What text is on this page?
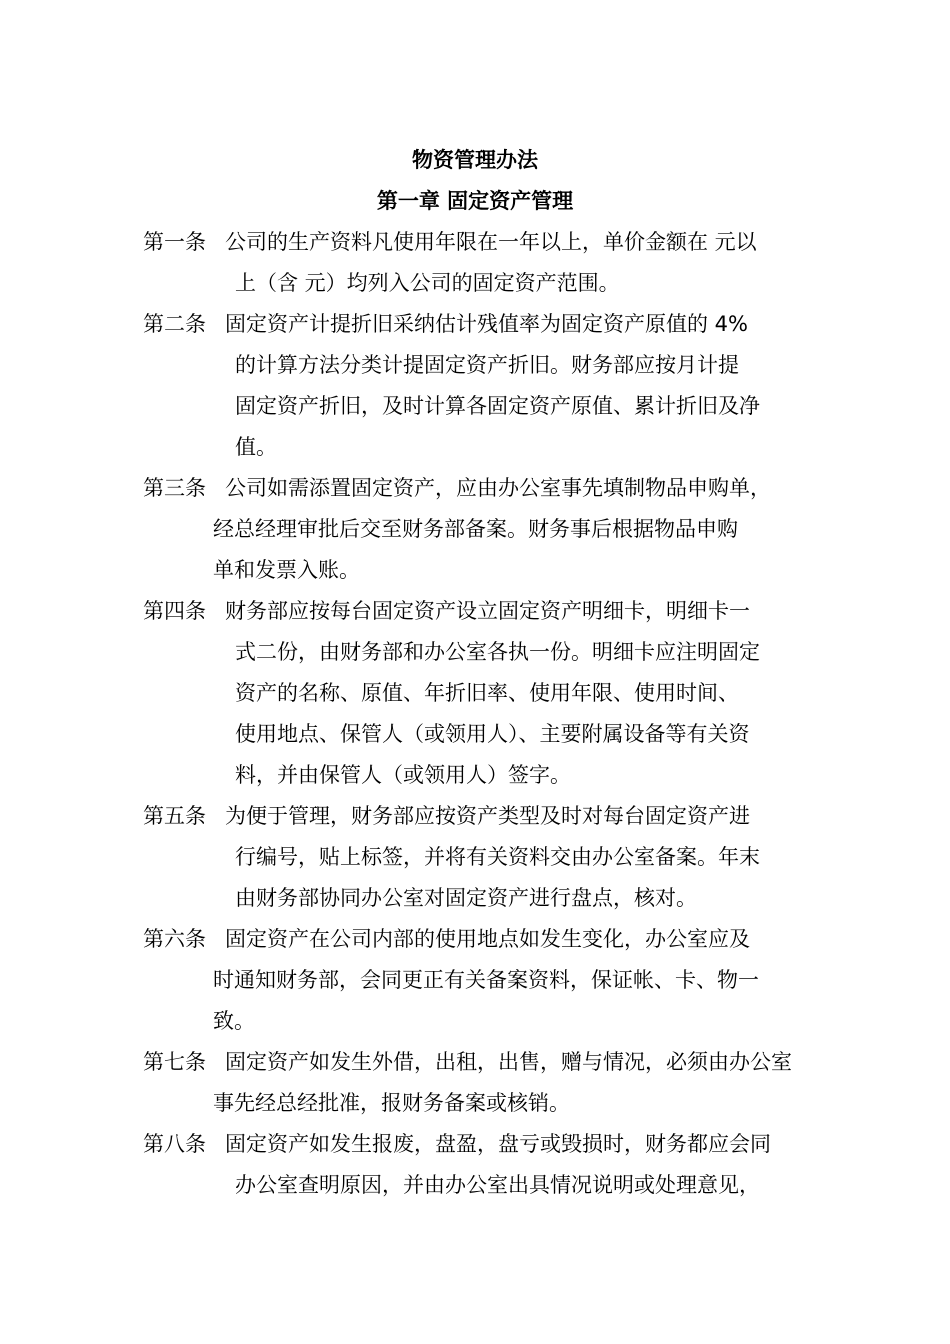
物资管理办法
第一章 固定资产管理
第一条 公司的生产资料凡使用年限在一年以上，单价金额在 元以
上（含 元）均列入公司的固定资产范围。
第二条 固定资产计提折旧采纳估计残值率为固定资产原值的 4%
的计算方法分类计提固定资产折旧。财务部应按月计提
固定资产折旧，及时计算各固定资产原值、累计折旧及净
值。
第三条 公司如需添置固定资产，应由办公室事先填制物品申购单，
经总经理审批后交至财务部备案。财务事后根据物品申购
单和发票入账。
第四条 财务部应按每台固定资产设立固定资产明细卡，明细卡一
式二份，由财务部和办公室各执一份。明细卡应注明固定
资产的名称、原值、年折旧率、使用年限、使用时间、
使用地点、保管人（或领用人）、主要附属设备等有关资
料，并由保管人（或领用人）签字。
第五条 为便于管理，财务部应按资产类型及时对每台固定资产进
行编号，贴上标签，并将有关资料交由办公室备案。年末
由财务部协同办公室对固定资产进行盘点，核对。
第六条 固定资产在公司内部的使用地点如发生变化，办公室应及
时通知财务部，会同更正有关备案资料，保证帐、卡、物一
致。
第七条 固定资产如发生外借，出租，出售，赠与情况，必须由办公室
事先经总经批准，报财务备案或核销。
第八条 固定资产如发生报废，盘盈，盘亏或毁损时，财务都应会同
办公室查明原因，并由办公室出具情况说明或处理意见，
